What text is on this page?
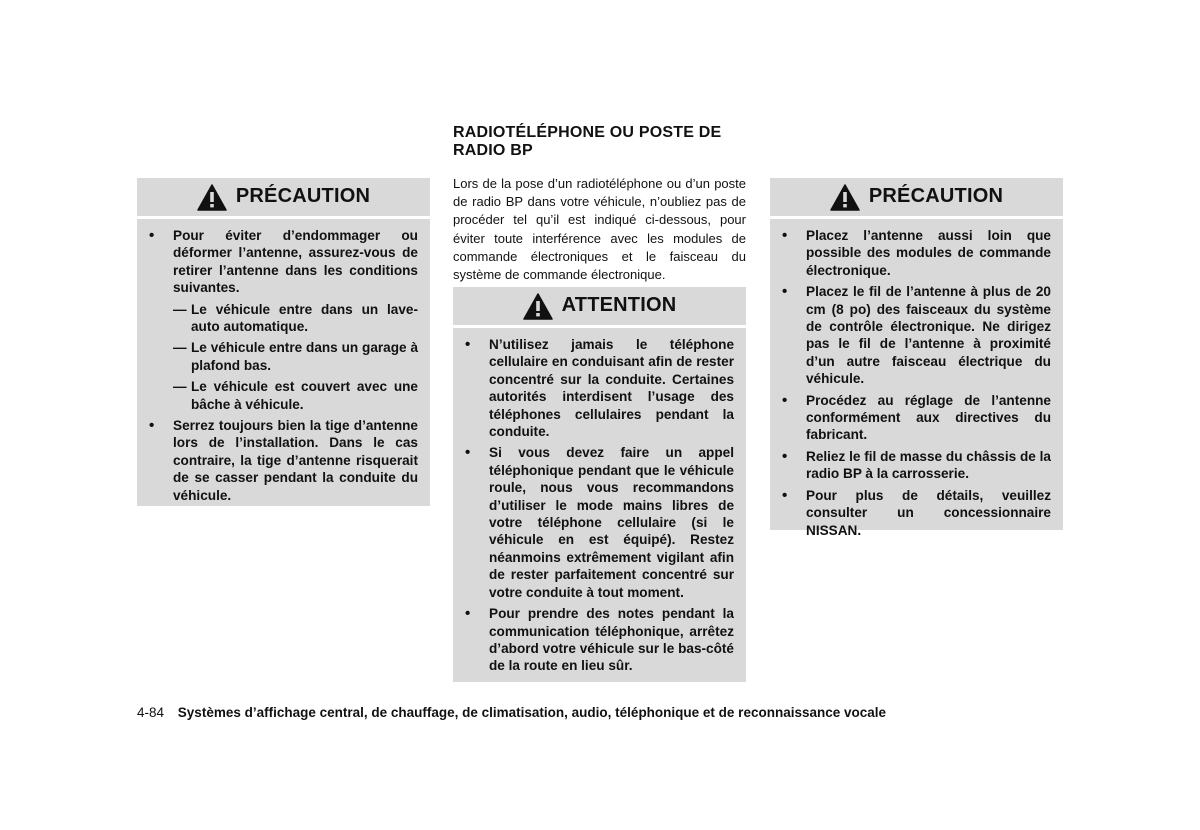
PRÉCAUTION
• Pour éviter d’endommager ou déformer l’antenne, assurez-vous de retirer l’antenne dans les conditions suivantes.
— Le véhicule entre dans un lave-auto automatique.
— Le véhicule entre dans un garage à plafond bas.
— Le véhicule est couvert avec une bâche à véhicule.
• Serrez toujours bien la tige d’antenne lors de l’installation. Dans le cas contraire, la tige d’antenne risquerait de se casser pendant la conduite du véhicule.
RADIOTÉLÉPHONE OU POSTE DE RADIO BP
Lors de la pose d’un radiotéléphone ou d’un poste de radio BP dans votre véhicule, n’oubliez pas de procéder tel qu’il est indiqué ci-dessous, pour éviter toute interférence avec les modules de commande électroniques et le faisceau du système de commande électronique.
ATTENTION
• N’utilisez jamais le téléphone cellulaire en conduisant afin de rester concentré sur la conduite. Certaines autorités interdisent l’usage des téléphones cellulaires pendant la conduite.
• Si vous devez faire un appel téléphonique pendant que le véhicule roule, nous vous recommandons d’utiliser le mode mains libres de votre téléphone cellulaire (si le véhicule en est équipé). Restez néanmoins extrêmement vigilant afin de rester parfaitement concentré sur votre conduite à tout moment.
• Pour prendre des notes pendant la communication téléphonique, arrêtez d’abord votre véhicule sur le bas-côté de la route en lieu sûr.
PRÉCAUTION
• Placez l’antenne aussi loin que possible des modules de commande électronique.
• Placez le fil de l’antenne à plus de 20 cm (8 po) des faisceaux du système de contrôle électronique. Ne dirigez pas le fil de l’antenne à proximité d’un autre faisceau électrique du véhicule.
• Procédez au réglage de l’antenne conformément aux directives du fabricant.
• Reliez le fil de masse du châssis de la radio BP à la carrosserie.
• Pour plus de détails, veuillez consulter un concessionnaire NISSAN.
4-84 Systèmes d’affichage central, de chauffage, de climatisation, audio, téléphonique et de reconnaissance vocale
